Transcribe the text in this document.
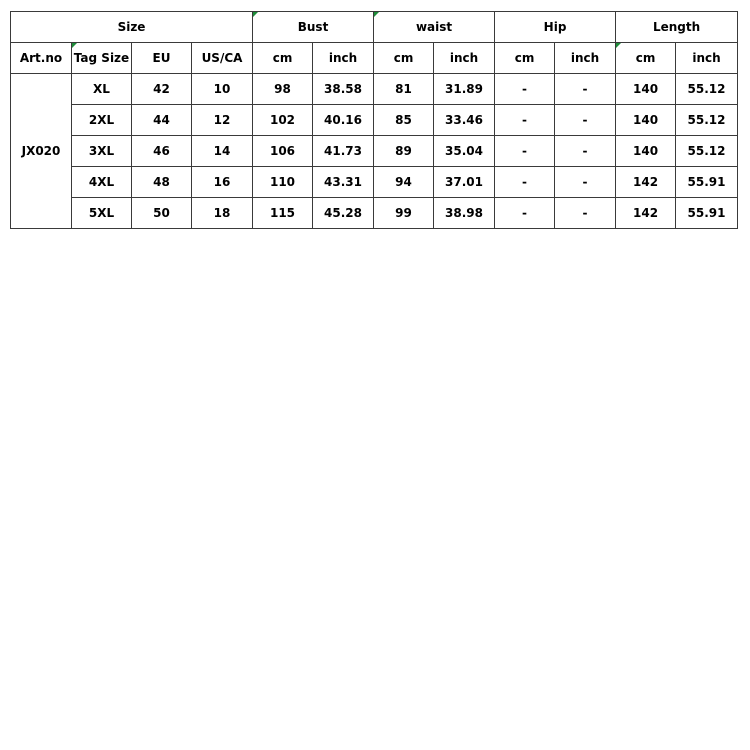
Size				Bust		waist		Hip		Length	
Art.no	Tag Size	EU	US/CA	cm	inch	cm	inch	cm	inch	cm	inch
JX020	XL	42	10	98	38.58	81	31.89	-	-	140	55.12
	2XL	44	12	102	40.16	85	33.46	-	-	140	55.12
	3XL	46	14	106	41.73	89	35.04	-	-	140	55.12
	4XL	48	16	110	43.31	94	37.01	-	-	142	55.91
	5XL	50	18	115	45.28	99	38.98	-	-	142	55.91
